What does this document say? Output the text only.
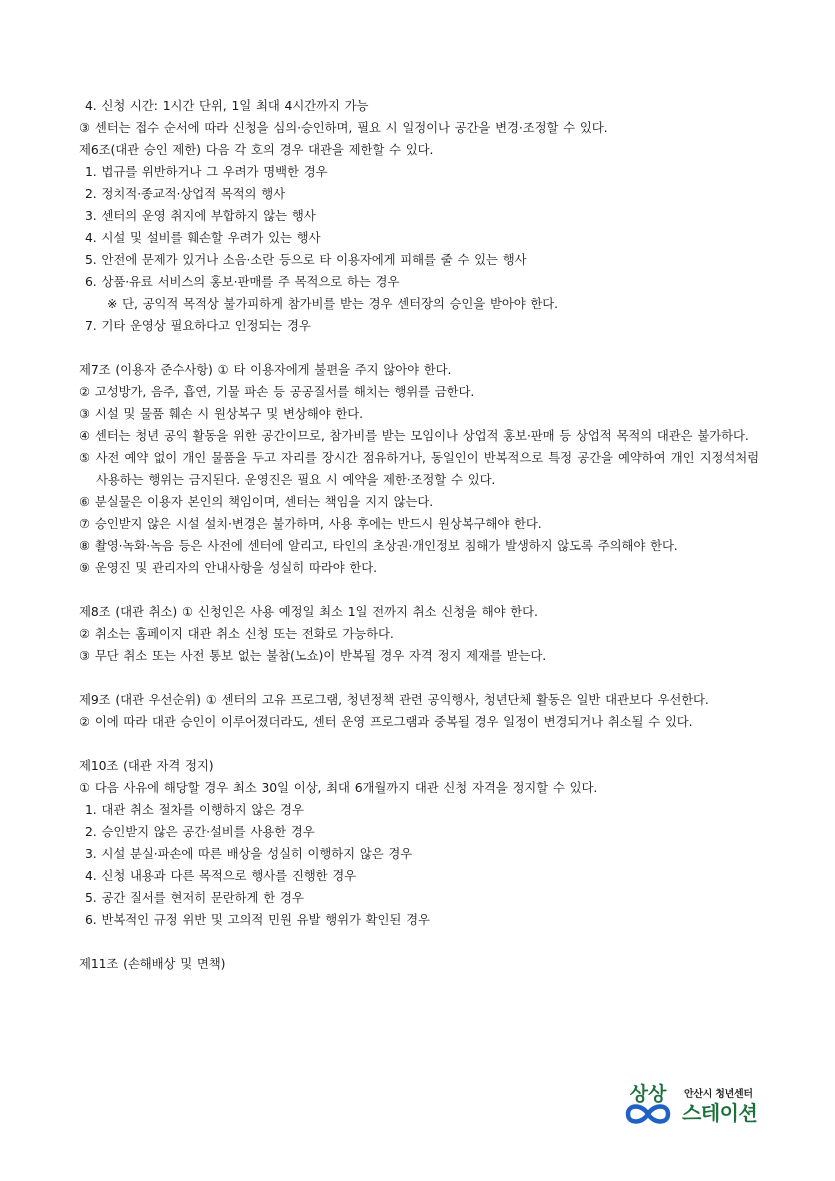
4. 신청 시간: 1시간 단위, 1일 최대 4시간까지 가능
③ 센터는 접수 순서에 따라 신청을 심의·승인하며, 필요 시 일정이나 공간을 변경·조정할 수 있다.
제6조(대관 승인 제한) 다음 각 호의 경우 대관을 제한할 수 있다.
1. 법규를 위반하거나 그 우려가 명백한 경우
2. 정치적·종교적·상업적 목적의 행사
3. 센터의 운영 취지에 부합하지 않는 행사
4. 시설 및 설비를 훼손할 우려가 있는 행사
5. 안전에 문제가 있거나 소음·소란 등으로 타 이용자에게 피해를 줄 수 있는 행사
6. 상품·유료 서비스의 홍보·판매를 주 목적으로 하는 경우
※ 단, 공익적 목적상 불가피하게 참가비를 받는 경우 센터장의 승인을 받아야 한다.
7. 기타 운영상 필요하다고 인정되는 경우
제7조 (이용자 준수사항) ① 타 이용자에게 불편을 주지 않아야 한다.
② 고성방가, 음주, 흡연, 기물 파손 등 공공질서를 해치는 행위를 금한다.
③ 시설 및 물품 훼손 시 원상복구 및 변상해야 한다.
④ 센터는 청년 공익 활동을 위한 공간이므로, 참가비를 받는 모임이나 상업적 홍보·판매 등 상업적 목적의 대관은 불가하다.
⑤ 사전 예약 없이 개인 물품을 두고 자리를 장시간 점유하거나, 동일인이 반복적으로 특정 공간을 예약하여 개인 지정석처럼 사용하는 행위는 금지된다. 운영진은 필요 시 예약을 제한·조정할 수 있다.
⑥ 분실물은 이용자 본인의 책임이며, 센터는 책임을 지지 않는다.
⑦ 승인받지 않은 시설 설치·변경은 불가하며, 사용 후에는 반드시 원상복구해야 한다.
⑧ 촬영·녹화·녹음 등은 사전에 센터에 알리고, 타인의 초상권·개인정보 침해가 발생하지 않도록 주의해야 한다.
⑨ 운영진 및 관리자의 안내사항을 성실히 따라야 한다.
제8조 (대관 취소) ① 신청인은 사용 예정일 최소 1일 전까지 취소 신청을 해야 한다.
② 취소는 홈페이지 대관 취소 신청 또는 전화로 가능하다.
③ 무단 취소 또는 사전 통보 없는 불참(노쇼)이 반복될 경우 자격 정지 제재를 받는다.
제9조 (대관 우선순위) ① 센터의 고유 프로그램, 청년정책 관련 공익행사, 청년단체 활동은 일반 대관보다 우선한다.
② 이에 따라 대관 승인이 이루어졌더라도, 센터 운영 프로그램과 중복될 경우 일정이 변경되거나 취소될 수 있다.
제10조 (대관 자격 정지)
① 다음 사유에 해당할 경우 최소 30일 이상, 최대 6개월까지 대관 신청 자격을 정지할 수 있다.
1. 대관 취소 절차를 이행하지 않은 경우
2. 승인받지 않은 공간·설비를 사용한 경우
3. 시설 분실·파손에 따른 배상을 성실히 이행하지 않은 경우
4. 신청 내용과 다른 목적으로 행사를 진행한 경우
5. 공간 질서를 현저히 문란하게 한 경우
6. 반복적인 규정 위반 및 고의적 민원 유발 행위가 확인된 경우
제11조 (손해배상 및 면책)
상상 안산시 청년센터
스테이션
